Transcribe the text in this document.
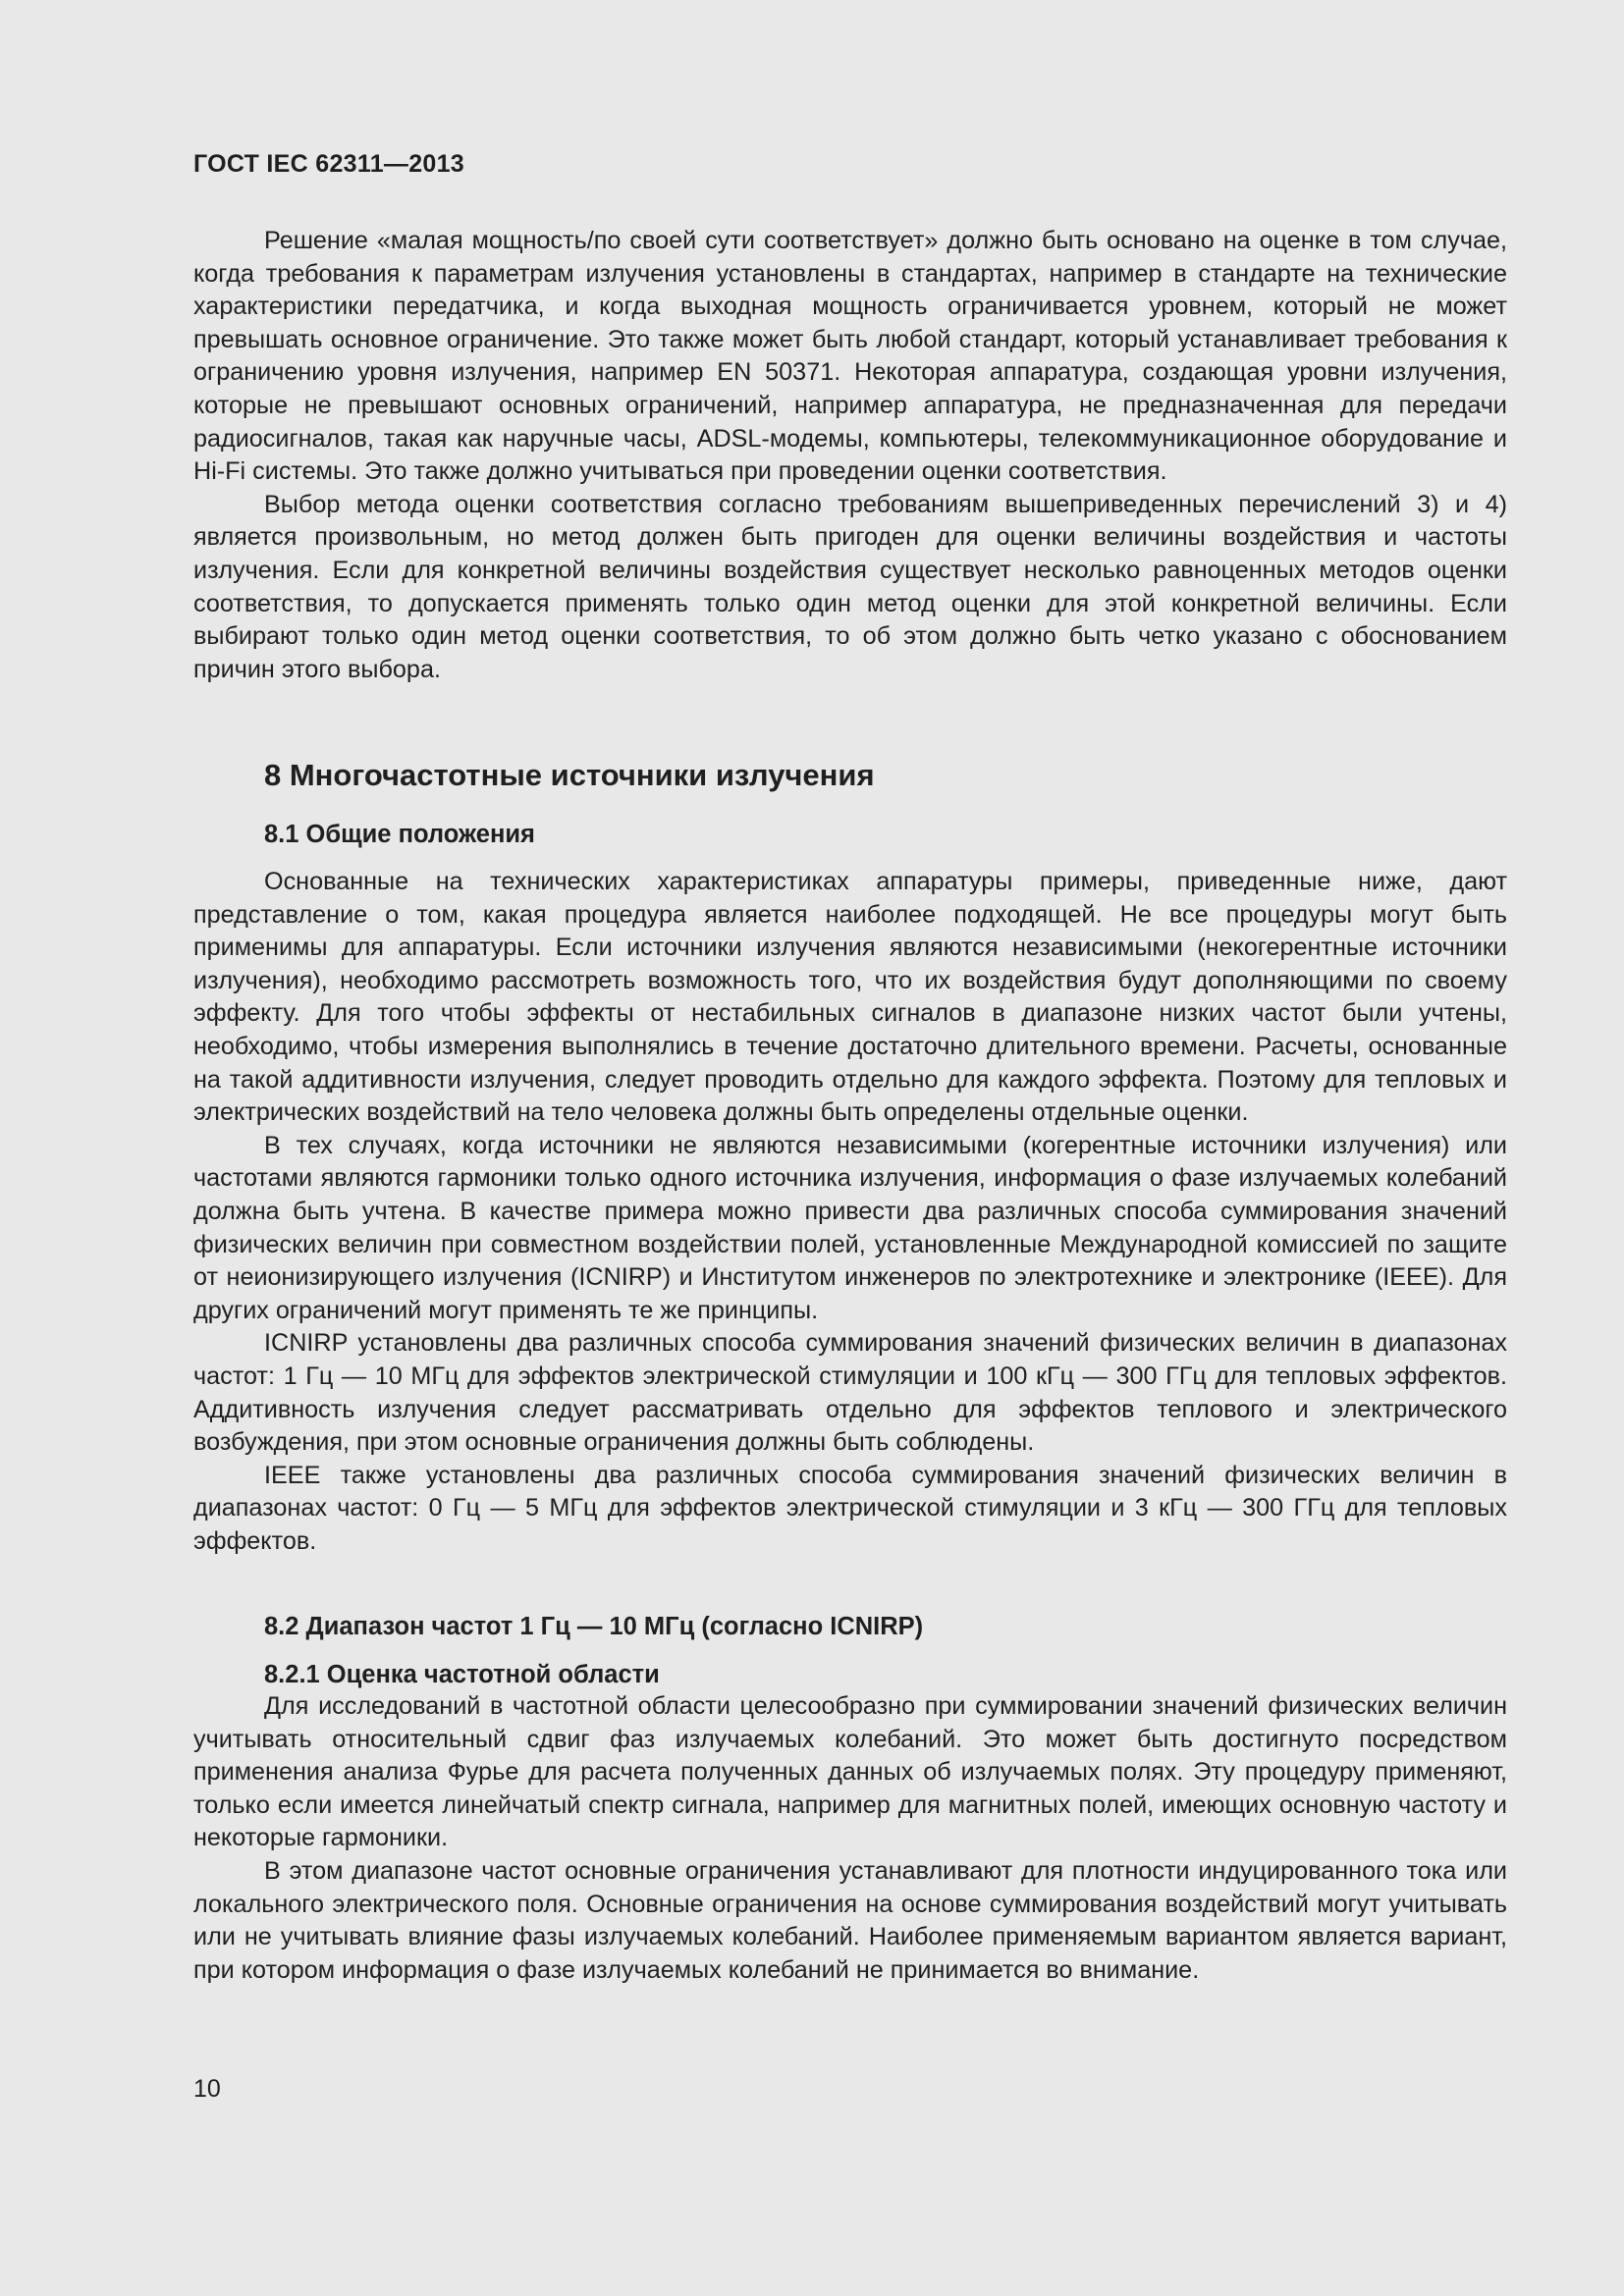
ГОСТ IEC 62311—2013

Решение «малая мощность/по своей сути соответствует» должно быть основано на оценке в том случае, когда требования к параметрам излучения установлены в стандартах, например в стандарте на технические характеристики передатчика, и когда выходная мощность ограничивается уровнем, который не может превышать основное ограничение. Это также может быть любой стандарт, который устанавливает требования к ограничению уровня излучения, например EN 50371. Некоторая аппаратура, создающая уровни излучения, которые не превышают основных ограничений, например аппаратура, не предназначенная для передачи радиосигналов, такая как наручные часы, ADSL-модемы, компьютеры, телекоммуникационное оборудование и Hi-Fi системы. Это также должно учитываться при проведении оценки соответствия.

Выбор метода оценки соответствия согласно требованиям вышеприведенных перечислений 3) и 4) является произвольным, но метод должен быть пригоден для оценки величины воздействия и частоты излучения. Если для конкретной величины воздействия существует несколько равноценных методов оценки соответствия, то допускается применять только один метод оценки для этой конкретной величины. Если выбирают только один метод оценки соответствия, то об этом должно быть четко указано с обоснованием причин этого выбора.

8 Многочастотные источники излучения
8.1 Общие положения

Основанные на технических характеристиках аппаратуры примеры, приведенные ниже, дают представление о том, какая процедура является наиболее подходящей. Не все процедуры могут быть применимы для аппаратуры. Если источники излучения являются независимыми (некогерентные источники излучения), необходимо рассмотреть возможность того, что их воздействия будут дополняющими по своему эффекту. Для того чтобы эффекты от нестабильных сигналов в диапазоне низких частот были учтены, необходимо, чтобы измерения выполнялись в течение достаточно длительного времени. Расчеты, основанные на такой аддитивности излучения, следует проводить отдельно для каждого эффекта. Поэтому для тепловых и электрических воздействий на тело человека должны быть определены отдельные оценки.

В тех случаях, когда источники не являются независимыми (когерентные источники излучения) или частотами являются гармоники только одного источника излучения, информация о фазе излучаемых колебаний должна быть учтена. В качестве примера можно привести два различных способа суммирования значений физических величин при совместном воздействии полей, установленные Международной комиссией по защите от неионизирующего излучения (ICNIRP) и Институтом инженеров по электротехнике и электронике (IEEE). Для других ограничений могут применять те же принципы.

ICNIRP установлены два различных способа суммирования значений физических величин в диапазонах частот: 1 Гц — 10 МГц для эффектов электрической стимуляции и 100 кГц — 300 ГГц для тепловых эффектов. Аддитивность излучения следует рассматривать отдельно для эффектов теплового и электрического возбуждения, при этом основные ограничения должны быть соблюдены.

IEEE также установлены два различных способа суммирования значений физических величин в диапазонах частот: 0 Гц — 5 МГц для эффектов электрической стимуляции и 3 кГц — 300 ГГц для тепловых эффектов.

8.2 Диапазон частот 1 Гц — 10 МГц (согласно ICNIRP)
8.2.1 Оценка частотной области

Для исследований в частотной области целесообразно при суммировании значений физических величин учитывать относительный сдвиг фаз излучаемых колебаний. Это может быть достигнуто посредством применения анализа Фурье для расчета полученных данных об излучаемых полях. Эту процедуру применяют, только если имеется линейчатый спектр сигнала, например для магнитных полей, имеющих основную частоту и некоторые гармоники.

В этом диапазоне частот основные ограничения устанавливают для плотности индуцированного тока или локального электрического поля. Основные ограничения на основе суммирования воздействий могут учитывать или не учитывать влияние фазы излучаемых колебаний. Наиболее применяемым вариантом является вариант, при котором информация о фазе излучаемых колебаний не принимается во внимание.

10
